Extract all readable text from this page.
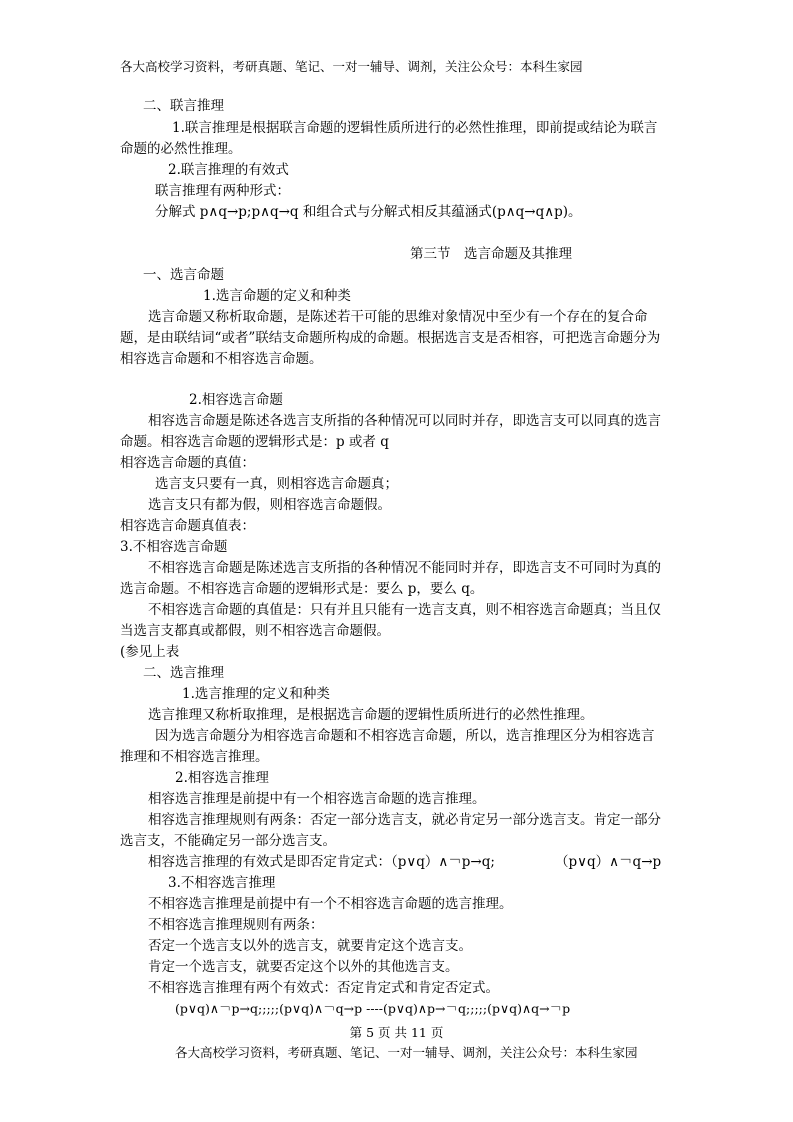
各大高校学习资料，考研真题、笔记、一对一辅导、调剂，关注公众号：本科生家园
二、联言推理
1.联言推理是根据联言命题的逻辑性质所进行的必然性推理，即前提或结论为联言
命题的必然性推理。
2.联言推理的有效式
联言推理有两种形式：
分解式 p∧q→p;p∧q→q 和组合式与分解式相反其蕴涵式(p∧q→q∧p)。
第三节　选言命题及其推理
一、选言命题
1.选言命题的定义和种类
选言命题又称析取命题，是陈述若干可能的思维对象情况中至少有一个存在的复合命
题，是由联结词“或者”联结支命题所构成的命题。根据选言支是否相容，可把选言命题分为
相容选言命题和不相容选言命题。
2.相容选言命题
相容选言命题是陈述各选言支所指的各种情况可以同时并存，即选言支可以同真的选言
命题。相容选言命题的逻辑形式是：p 或者 q
相容选言命题的真值：
选言支只要有一真，则相容选言命题真；
选言支只有都为假，则相容选言命题假。
相容选言命题真值表：
3.不相容选言命题
不相容选言命题是陈述选言支所指的各种情况不能同时并存，即选言支不可同时为真的
选言命题。不相容选言命题的逻辑形式是：要么 p，要么 q。
不相容选言命题的真值是：只有并且只能有一选言支真，则不相容选言命题真；当且仅
当选言支都真或都假，则不相容选言命题假。
(参见上表
二、选言推理
1.选言推理的定义和种类
选言推理又称析取推理，是根据选言命题的逻辑性质所进行的必然性推理。
因为选言命题分为相容选言命题和不相容选言命题，所以，选言推理区分为相容选言
推理和不相容选言推理。
2.相容选言推理
相容选言推理是前提中有一个相容选言命题的选言推理。
相容选言推理规则有两条：否定一部分选言支，就必肯定另一部分选言支。肯定一部分
选言支，不能确定另一部分选言支。
相容选言推理的有效式是即否定肯定式：（p∨q）∧￢p→q;	（p∨q）∧￢q→p
3.不相容选言推理
不相容选言推理是前提中有一个不相容选言命题的选言推理。
不相容选言推理规则有两条：
否定一个选言支以外的选言支，就要肯定这个选言支。
肯定一个选言支，就要否定这个以外的其他选言支。
不相容选言推理有两个有效式：否定肯定式和肯定否定式。
(p∨q)∧￢p→q;;;;;(p∨q)∧￢q→p ----(p∨q)∧p→￢q;;;;;(p∨q)∧q→￢p
第 5 页 共 11 页
各大高校学习资料，考研真题、笔记、一对一辅导、调剂，关注公众号：本科生家园
